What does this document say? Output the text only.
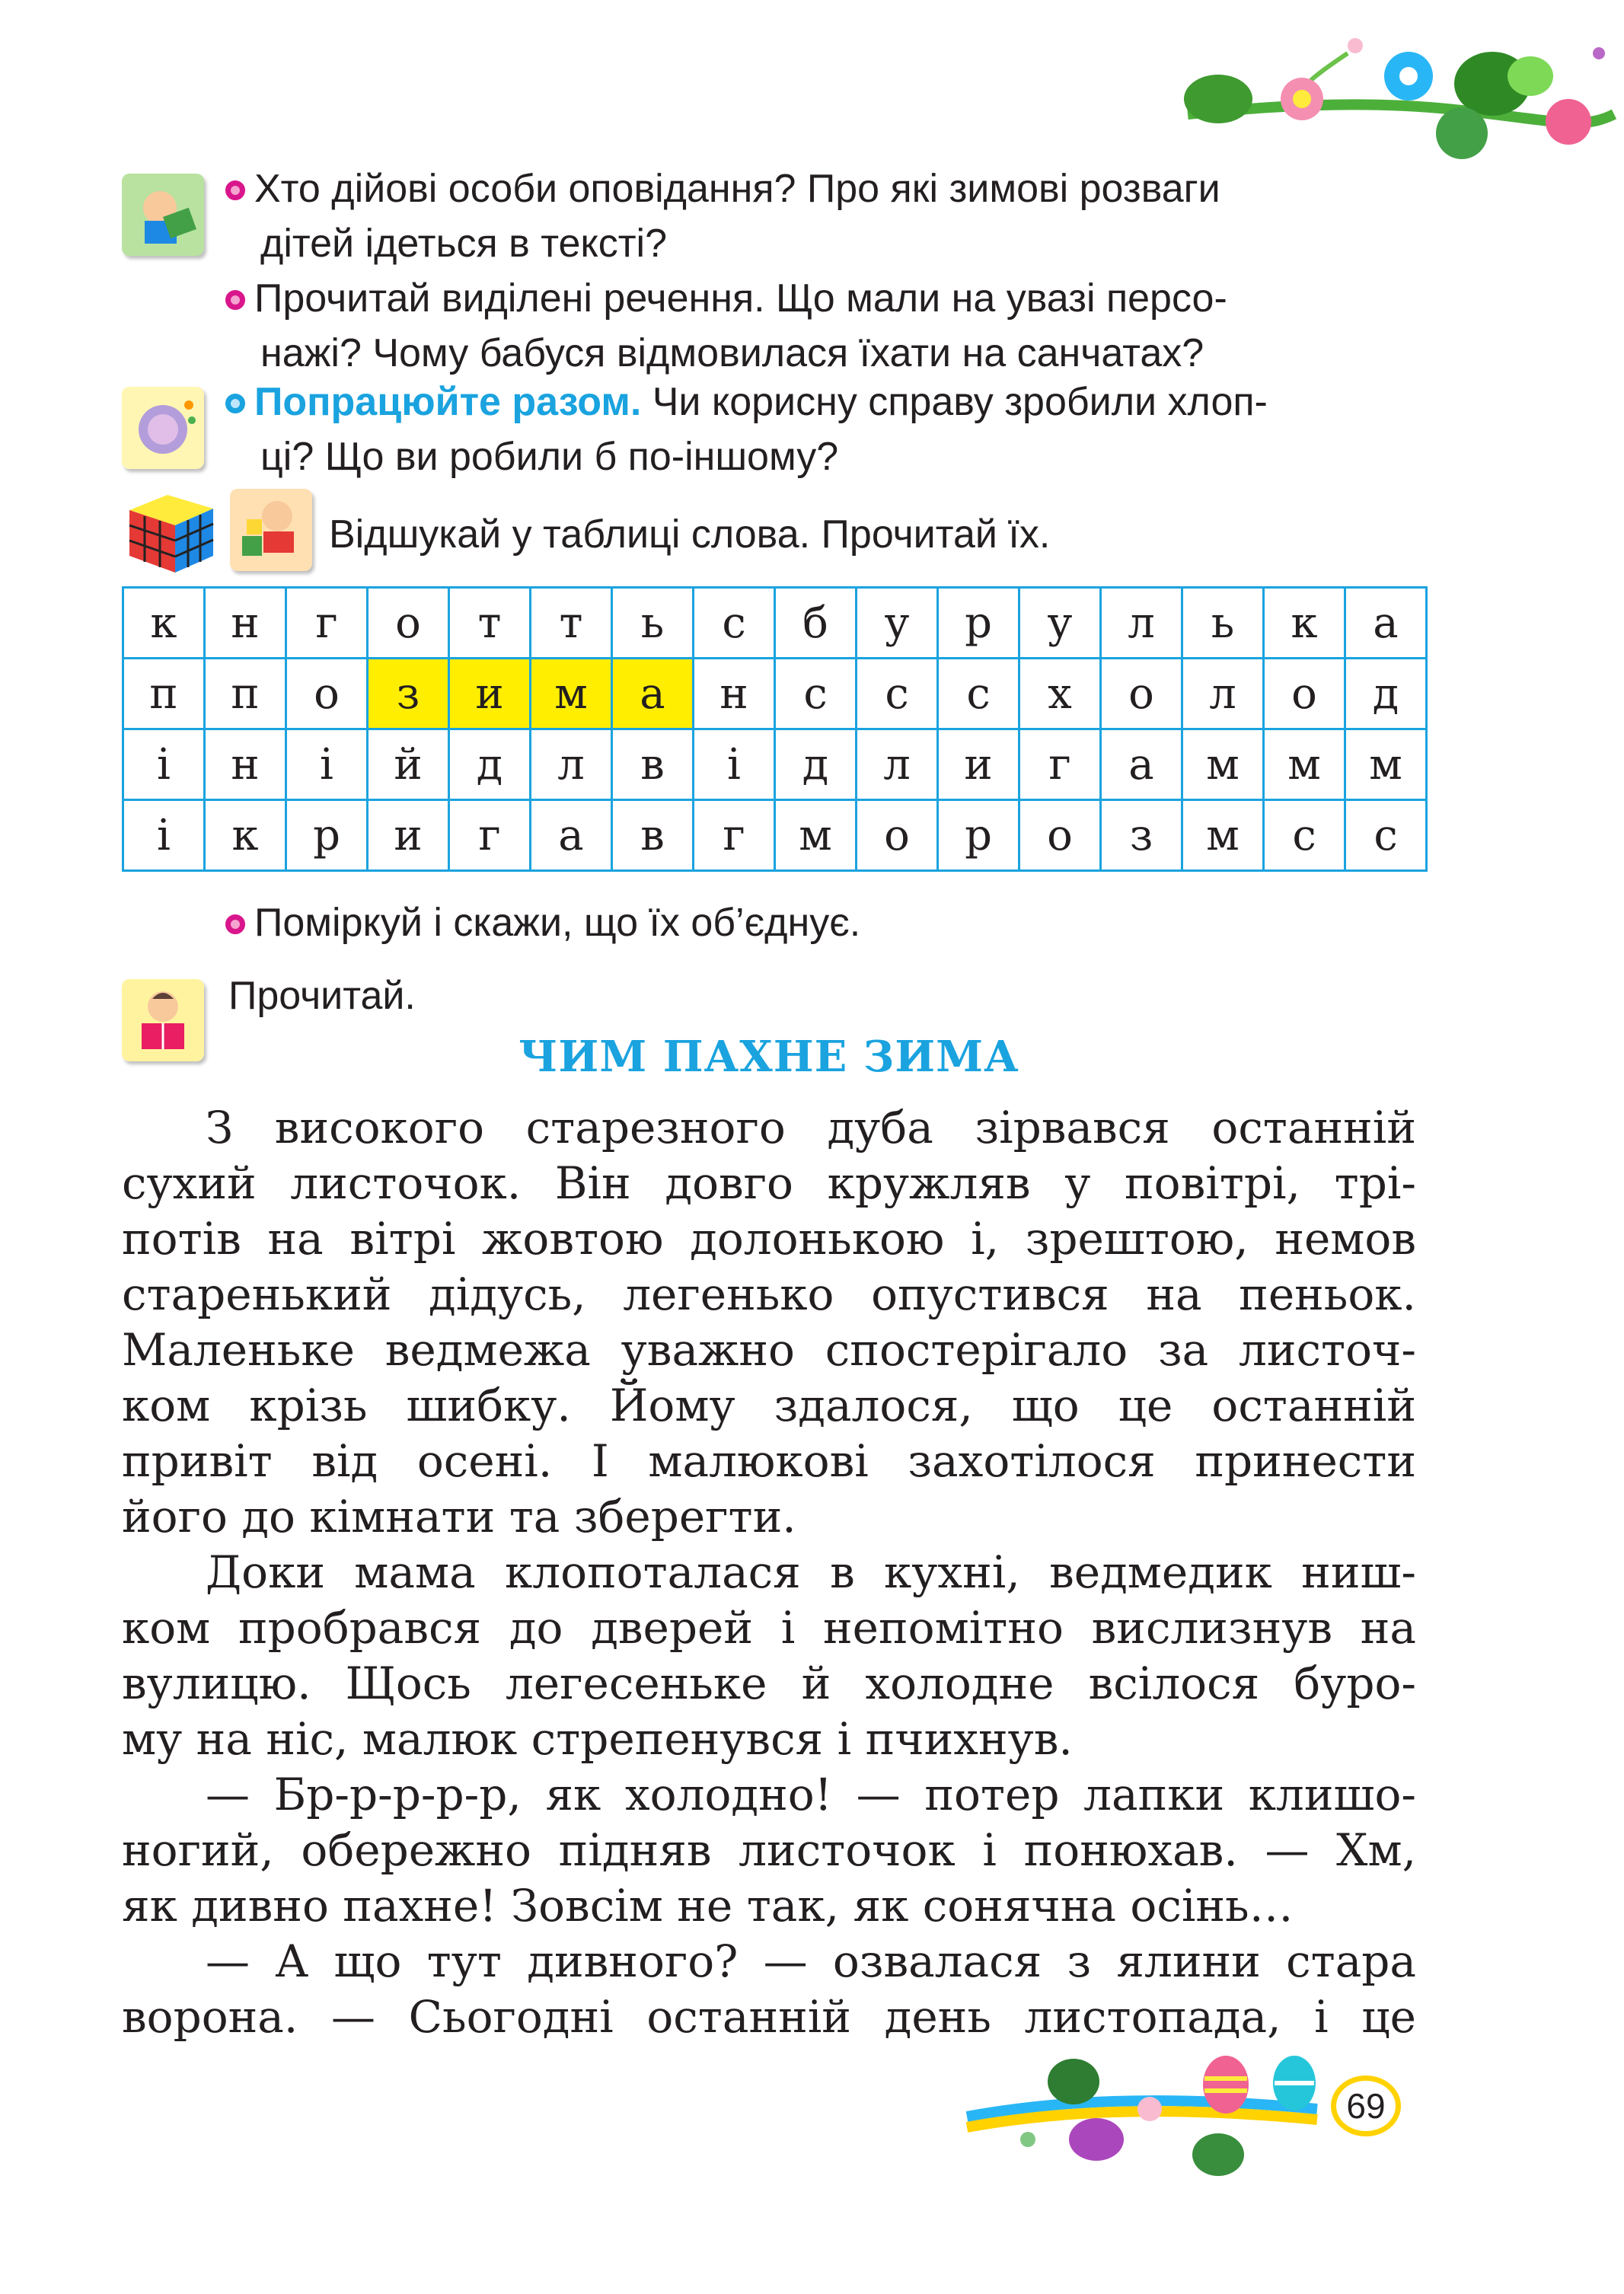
Хто дійові особи оповідання? Про які зимові розваги
дітей ідеться в тексті?
Прочитай виділені речення. Що мали на увазі персо-
нажі? Чому бабуся відмовилася їхати на санчатах?
Попрацюйте разом. Чи корисну справу зробили хлоп-
ці? Що ви робили б по-іншому?
Відшукай у таблиці слова. Прочитай їх.
к	н	г	о	т	т	ь	с	б	у	р	у	л	ь	к	а
п	п	о	з	и	м	а	н	с	с	с	х	о	л	о	д
і	н	і	й	д	л	в	і	д	л	и	г	а	м	м	м
і	к	р	и	г	а	в	г	м	о	р	о	з	м	с	с
Поміркуй і скажи, що їх об’єднує.
Прочитай.
ЧИМ ПАХНЕ ЗИМА

З високого старезного дуба зірвався останній

сухий листочок. Він довго кружляв у повітрі, трі-

потів на вітрі жовтою долонькою і, зрештою, немов

старенький дідусь, легенько опустився на пеньок.

Маленьке ведмежа уважно спостерігало за листоч-

ком крізь шибку. Йому здалося, що це останній

привіт від осені. І малюкові захотілося принести

його до кімнати та зберегти.

Доки мама клопоталася в кухні, ведмедик ниш-

ком пробрався до дверей і непомітно вислизнув на

вулицю. Щось легесеньке й холодне всілося буро-

му на ніс, малюк стрепенувся і пчихнув.

— Бр-р-р-р-р, як холодно! — потер лапки клишо-

ногий, обережно підняв листочок і понюхав. — Хм,

як дивно пахне! Зовсім не так, як сонячна осінь…

— А що тут дивного? — озвалася з ялини стара

ворона. — Сьогодні останній день листопада, і це

69
